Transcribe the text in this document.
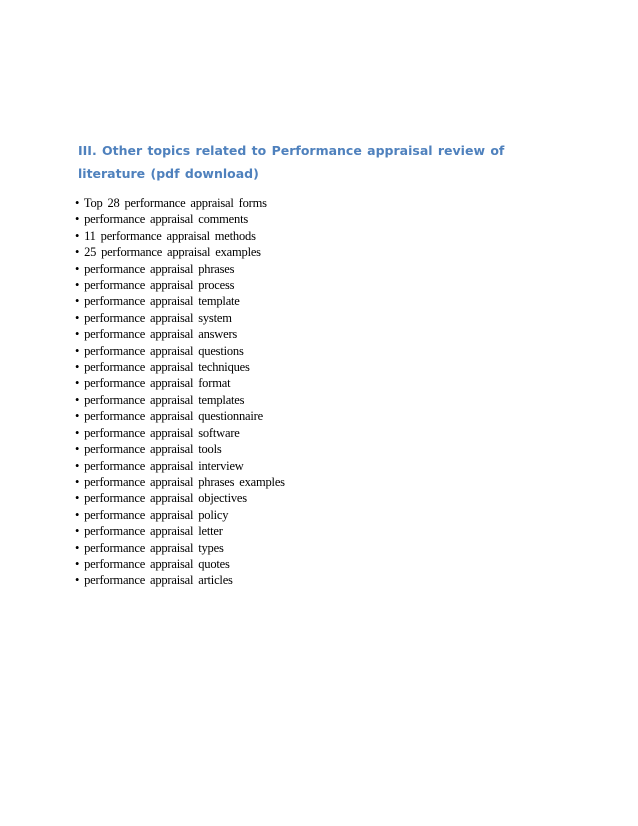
III. Other topics related to Performance appraisal review of literature (pdf download)
• Top 28 performance appraisal forms
• performance appraisal comments
• 11 performance appraisal methods
• 25 performance appraisal examples
• performance appraisal phrases
• performance appraisal process
• performance appraisal template
• performance appraisal system
• performance appraisal answers
• performance appraisal questions
• performance appraisal techniques
• performance appraisal format
• performance appraisal templates
• performance appraisal questionnaire
• performance appraisal software
• performance appraisal tools
• performance appraisal interview
• performance appraisal phrases examples
• performance appraisal objectives
• performance appraisal policy
• performance appraisal letter
• performance appraisal types
• performance appraisal quotes
• performance appraisal articles
